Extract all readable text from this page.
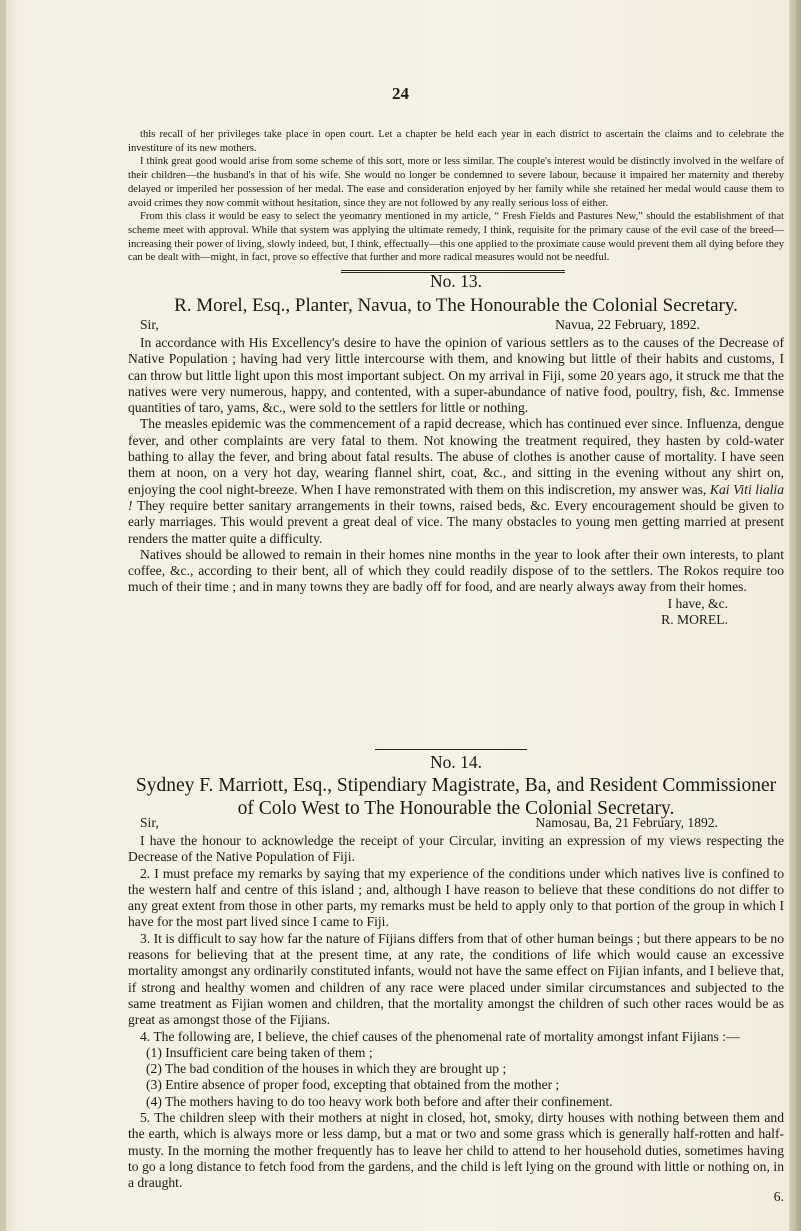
24

this recall of her privileges take place in open court. Let a chapter be held each year in each district to ascertain the claims and to celebrate the investiture of its new mothers.

I think great good would arise from some scheme of this sort, more or less similar. The couple's interest would be distinctly involved in the welfare of their children—the husband's in that of his wife. She would no longer be condemned to severe labour, because it impaired her maternity and thereby delayed or imperiled her possession of her medal. The ease and consideration enjoyed by her family while she retained her medal would cause them to avoid crimes they now commit without hesitation, since they are not followed by any really serious loss of either.

From this class it would be easy to select the yeomanry mentioned in my article, “ Fresh Fields and Pastures New,” should the establishment of that scheme meet with approval. While that system was applying the ultimate remedy, I think, requisite for the primary cause of the evil case of the breed—increasing their power of living, slowly indeed, but, I think, effectually—this one applied to the proximate cause would prevent them all dying before they can be dealt with—might, in fact, prove so effective that further and more radical measures would not be needful.

No. 13.
R. Morel, Esq., Planter, Navua, to The Honourable the Colonial Secretary.
Sir,	Navua, 22 February, 1892.

In accordance with His Excellency's desire to have the opinion of various settlers as to the causes of the Decrease of Native Population ; having had very little intercourse with them, and knowing but little of their habits and customs, I can throw but little light upon this most important subject. On my arrival in Fiji, some 20 years ago, it struck me that the natives were very numerous, happy, and contented, with a super-abundance of native food, poultry, fish, &c. Immense quantities of taro, yams, &c., were sold to the settlers for little or nothing.

The measles epidemic was the commencement of a rapid decrease, which has continued ever since. Influenza, dengue fever, and other complaints are very fatal to them. Not knowing the treatment required, they hasten by cold-water bathing to allay the fever, and bring about fatal results. The abuse of clothes is another cause of mortality. I have seen them at noon, on a very hot day, wearing flannel shirt, coat, &c., and sitting in the evening without any shirt on, enjoying the cool night-breeze. When I have remonstrated with them on this indiscretion, my answer was, Kai Viti lialia ! They require better sanitary arrangements in their towns, raised beds, &c. Every encouragement should be given to early marriages. This would prevent a great deal of vice. The many obstacles to young men getting married at present renders the matter quite a difficulty.

Natives should be allowed to remain in their homes nine months in the year to look after their own interests, to plant coffee, &c., according to their bent, all of which they could readily dispose of to the settlers. The Rokos require too much of their time ; and in many towns they are badly off for food, and are nearly always away from their homes.

I have, &c.
R. MOREL.
No. 14.
Sydney F. Marriott, Esq., Stipendiary Magistrate, Ba, and Resident Commissioner of Colo West to The Honourable the Colonial Secretary.
Sir,	Namosau, Ba, 21 February, 1892.

I have the honour to acknowledge the receipt of your Circular, inviting an expression of my views respecting the Decrease of the Native Population of Fiji.

2. I must preface my remarks by saying that my experience of the conditions under which natives live is confined to the western half and centre of this island ; and, although I have reason to believe that these conditions do not differ to any great extent from those in other parts, my remarks must be held to apply only to that portion of the group in which I have for the most part lived since I came to Fiji.

3. It is difficult to say how far the nature of Fijians differs from that of other human beings ; but there appears to be no reasons for believing that at the present time, at any rate, the conditions of life which would cause an excessive mortality amongst any ordinarily constituted infants, would not have the same effect on Fijian infants, and I believe that, if strong and healthy women and children of any race were placed under similar circumstances and subjected to the same treatment as Fijian women and children, that the mortality amongst the children of such other races would be as great as amongst those of the Fijians.

4. The following are, I believe, the chief causes of the phenomenal rate of mortality amongst infant Fijians :—

(1) Insufficient care being taken of them ;
(2) The bad condition of the houses in which they are brought up ;
(3) Entire absence of proper food, excepting that obtained from the mother ;
(4) The mothers having to do too heavy work both before and after their confinement.

5. The children sleep with their mothers at night in closed, hot, smoky, dirty houses with nothing between them and the earth, which is always more or less damp, but a mat or two and some grass which is generally half-rotten and half-musty. In the morning the mother frequently has to leave her child to attend to her household duties, sometimes having to go a long distance to fetch food from the gardens, and the child is left lying on the ground with little or nothing on, in a draught.

6.
